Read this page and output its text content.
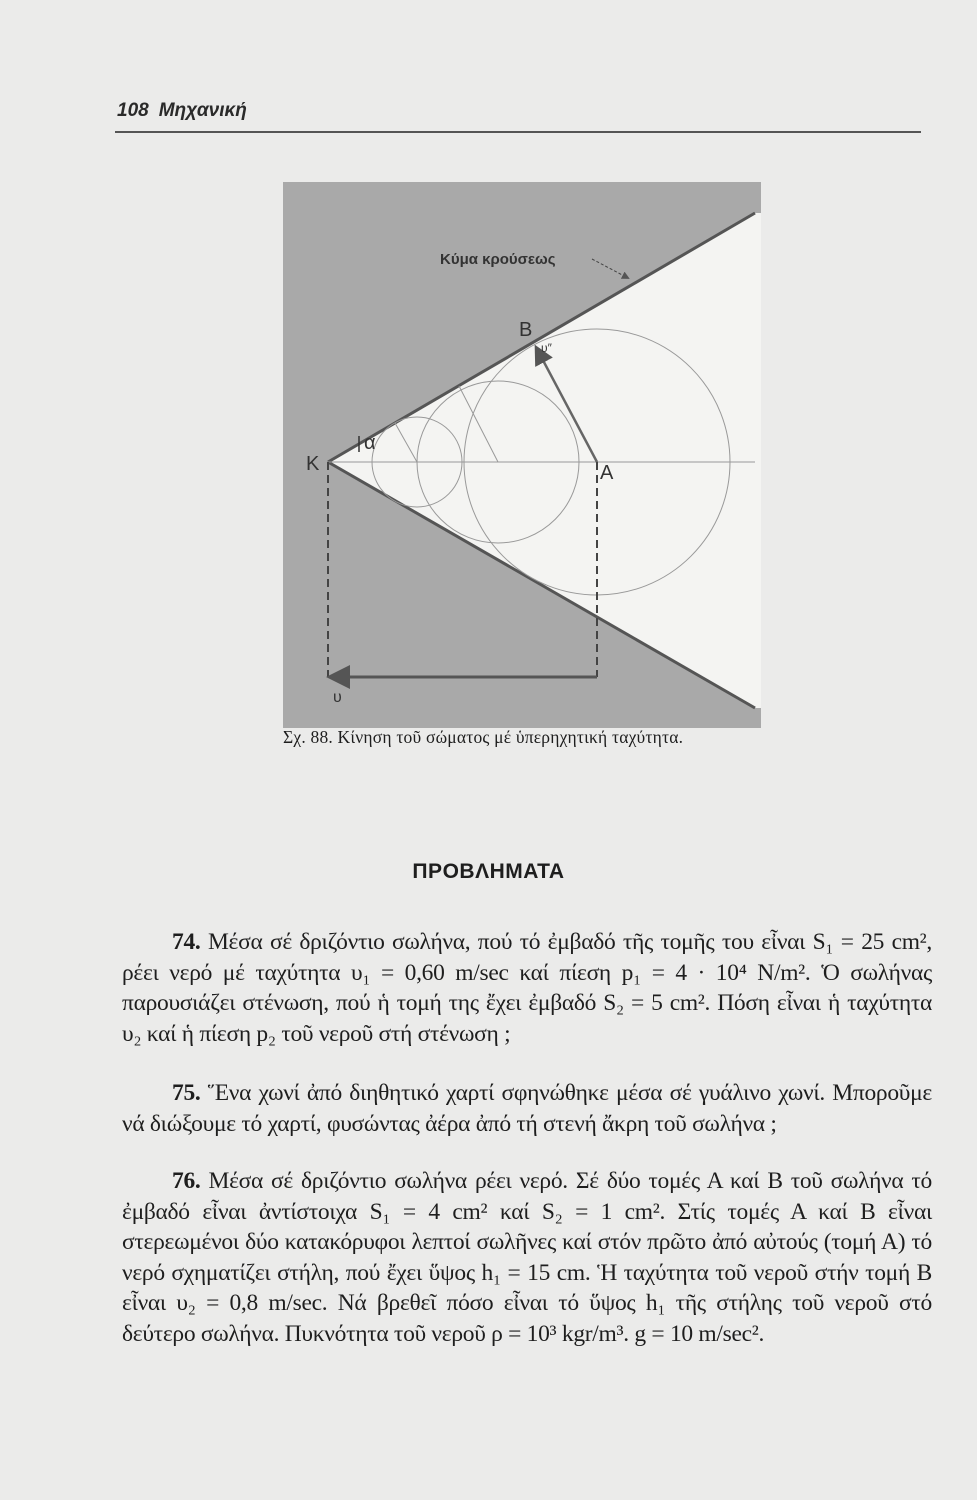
108 Μηχανική
Κύμα κρούσεως
B
υ″
K
α
A
υ
Σχ. 88. Κίνηση τοῦ σώματος μέ ὑπερηχητική ταχύτητα.
ΠΡΟΒΛΗΜΑΤΑ

74. Μέσα σέ δριζόντιο σωλήνα, πού τό ἐμβαδό τῆς τομῆς του εἶναι S₁ = 25 cm², ρέει νερό μέ ταχύτητα υ₁ = 0,60 m/sec καί πίεση p₁ = 4 · 10⁴ N/m². Ὁ σωλήνας παρουσιάζει στένωση, πού ἡ τομή της ἔχει ἐμβαδό S₂ = 5 cm². Πόση εἶναι ἡ ταχύτητα υ₂ καί ἡ πίεση p₂ τοῦ νεροῦ στή στένωση ;

75. Ἕνα χωνί ἀπό διηθητικό χαρτί σφηνώθηκε μέσα σέ γυάλινο χωνί. Μποροῦμε νά διώξουμε τό χαρτί, φυσώντας ἀέρα ἀπό τή στενή ἄκρη τοῦ σωλήνα ;

76. Μέσα σέ δριζόντιο σωλήνα ρέει νερό. Σέ δύο τομές Α καί Β τοῦ σωλήνα τό ἐμβαδό εἶναι ἀντίστοιχα S₁ = 4 cm² καί S₂ = 1 cm². Στίς τομές Α καί Β εἶναι στερεωμένοι δύο κατακόρυφοι λεπτοί σωλῆνες καί στόν πρῶτο ἀπό αὐτούς (τομή Α) τό νερό σχηματίζει στήλη, πού ἔχει ὕψος h₁ = 15 cm. Ἡ ταχύτητα τοῦ νεροῦ στήν τομή Β εἶναι υ₂ = 0,8 m/sec. Νά βρεθεῖ πόσο εἶναι τό ὕψος h₁ τῆς στήλης τοῦ νεροῦ στό δεύτερο σωλήνα. Πυκνότητα τοῦ νεροῦ ρ = 10³ kgr/m³. g = 10 m/sec².
